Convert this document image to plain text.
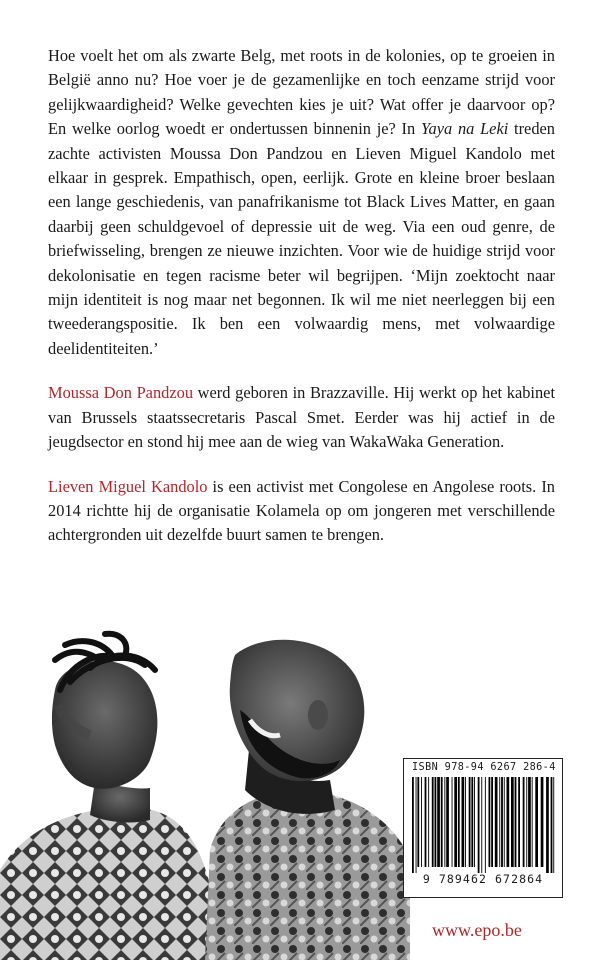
Hoe voelt het om als zwarte Belg, met roots in de kolonies, op te groeien in België anno nu? Hoe voer je de gezamenlijke en toch eenzame strijd voor gelijkwaardigheid? Welke gevechten kies je uit? Wat offer je daarvoor op? En welke oorlog woedt er ondertussen binnenin je? In Yaya na Leki treden zachte activisten Moussa Don Pandzou en Lieven Miguel Kandolo met elkaar in gesprek. Empathisch, open, eerlijk. Grote en kleine broer beslaan een lange geschiedenis, van panafrikanisme tot Black Lives Matter, en gaan daarbij geen schuldgevoel of depressie uit de weg. Via een oud genre, de briefwisseling, brengen ze nieuwe inzichten. Voor wie de huidige strijd voor dekolonisatie en tegen racisme beter wil begrijpen. ‘Mijn zoektocht naar mijn identiteit is nog maar net begonnen. Ik wil me niet neerleggen bij een tweederangspositie. Ik ben een volwaardig mens, met volwaardige deelidentiteiten.’

Moussa Don Pandzou werd geboren in Brazzaville. Hij werkt op het kabinet van Brussels staatssecretaris Pascal Smet. Eerder was hij actief in de jeugdsector en stond hij mee aan de wieg van WakaWaka Generation.

Lieven Miguel Kandolo is een activist met Congolese en Angolese roots. In 2014 richtte hij de organisatie Kolamela op om jongeren met verschillende achtergronden uit dezelfde buurt samen te brengen.

ISBN 978-94 6267 286-4
9 789462 672864
www.epo.be
